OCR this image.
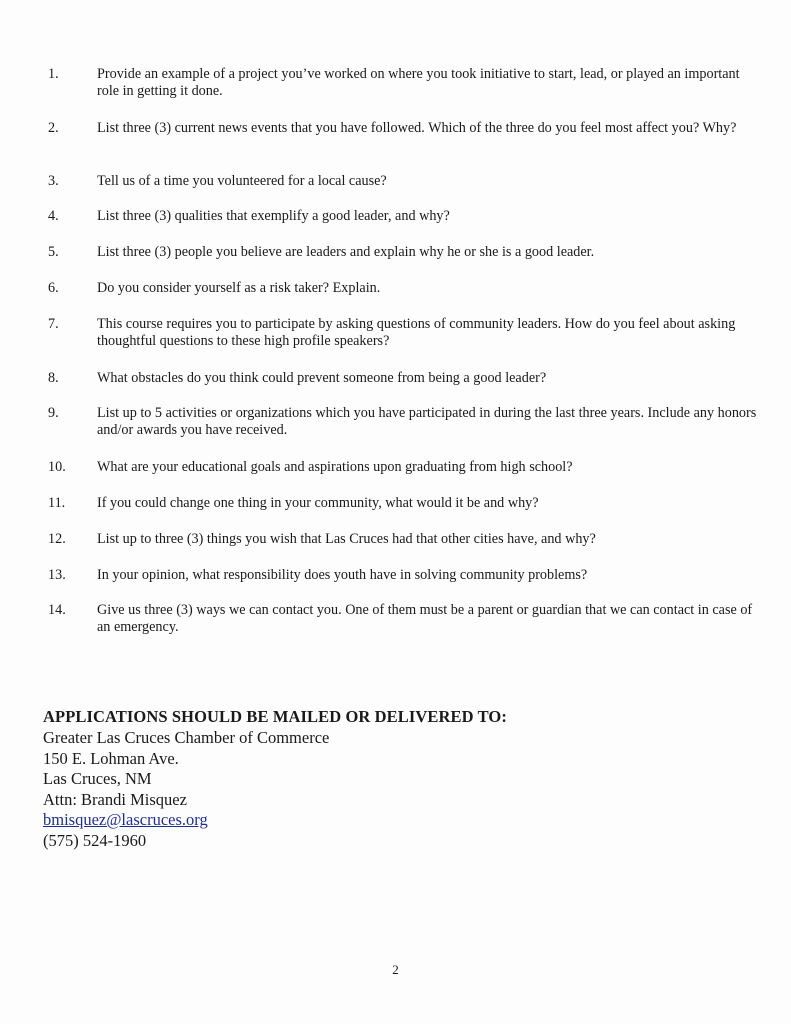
1.	Provide an example of a project you’ve worked on where you took initiative to start, lead, or played an important role in getting it done.
2.	List three (3) current news events that you have followed. Which of the three do you feel most affect you? Why?
3.	Tell us of a time you volunteered for a local cause?
4.	List three (3) qualities that exemplify a good leader, and why?
5.	List three (3) people you believe are leaders and explain why he or she is a good leader.
6.	Do you consider yourself as a risk taker? Explain.
7.	This course requires you to participate by asking questions of community leaders. How do you feel about asking thoughtful questions to these high profile speakers?
8.	What obstacles do you think could prevent someone from being a good leader?
9.	List up to 5 activities or organizations which you have participated in during the last three years. Include any honors and/or awards you have received.
10.	What are your educational goals and aspirations upon graduating from high school?
11.	If you could change one thing in your community, what would it be and why?
12.	List up to three (3) things you wish that Las Cruces had that other cities have, and why?
13.	In your opinion, what responsibility does youth have in solving community problems?
14.	Give us three (3) ways we can contact you. One of them must be a parent or guardian that we can contact in case of an emergency.
APPLICATIONS SHOULD BE MAILED OR DELIVERED TO:
Greater Las Cruces Chamber of Commerce
150 E. Lohman Ave.
Las Cruces, NM
Attn: Brandi Misquez
bmisquez@lascruces.org
(575) 524-1960
2
